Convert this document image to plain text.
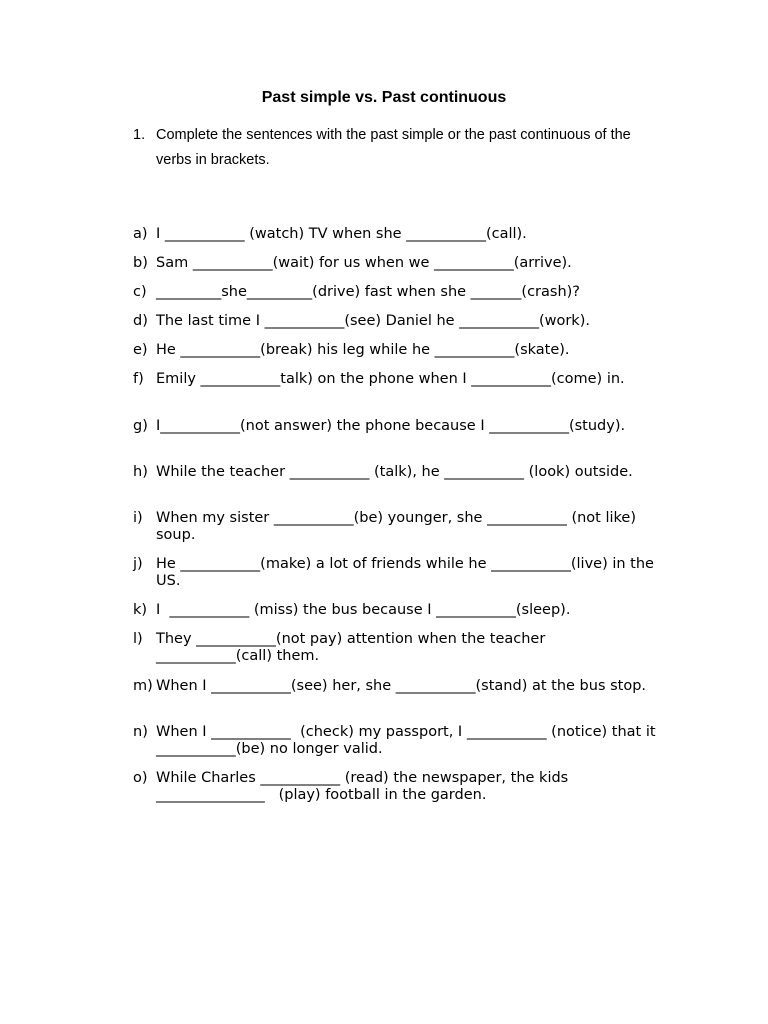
Past simple vs. Past continuous
1. Complete the sentences with the past simple or the past continuous of the verbs in brackets.
a) I ___________ (watch) TV when she ___________(call).
b) Sam ___________(wait) for us when we ___________(arrive).
c) _________she_________(drive) fast when she _______(crash)?
d) The last time I ___________(see) Daniel he ___________(work).
e) He ___________(break) his leg while he ___________(skate).
f) Emily ___________talk) on the phone when I ___________(come) in.
g) I___________(not answer) the phone because I ___________(study).
h) While the teacher ___________ (talk), he ___________ (look) outside.
i) When my sister ___________(be) younger, she ___________ (not like) soup.
j) He ___________(make) a lot of friends while he ___________(live) in the US.
k) I  ___________ (miss) the bus because I ___________(sleep).
l) They ___________(not pay) attention when the teacher ___________(call) them.
m) When I ___________(see) her, she ___________(stand) at the bus stop.
n) When I ___________  (check) my passport, I ___________ (notice) that it ___________(be) no longer valid.
o) While Charles ___________ (read) the newspaper, the kids _______________   (play) football in the garden.
